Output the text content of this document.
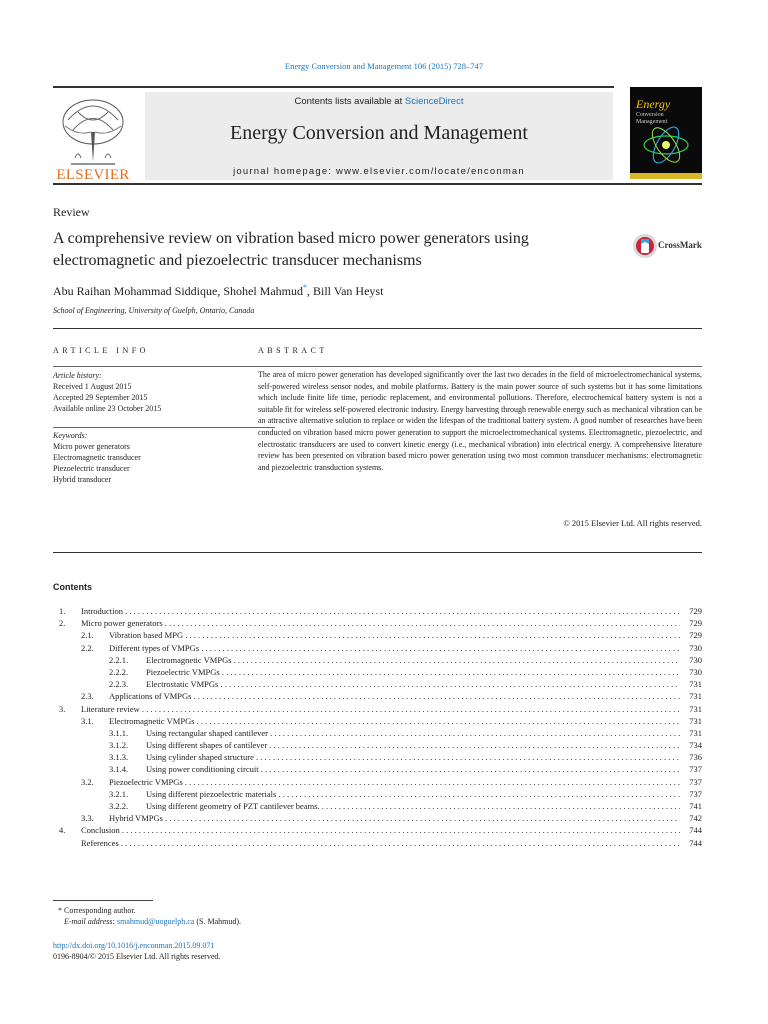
Energy Conversion and Management 106 (2015) 728–747
ELSEVIER
Contents lists available at ScienceDirect
Energy Conversion and Management
journal homepage: www.elsevier.com/locate/enconman
Energy
Conversion
Management
Review
A comprehensive review on vibration based micro power generators using electromagnetic and piezoelectric transducer mechanisms
CrossMark
Abu Raihan Mohammad Siddique, Shohel Mahmud*, Bill Van Heyst
School of Engineering, University of Guelph, Ontario, Canada
ARTICLE INFO
Article history:
Received 1 August 2015
Accepted 29 September 2015
Available online 23 October 2015
Keywords:
Micro power generators
Electromagnetic transducer
Piezoelectric transducer
Hybrid transducer
ABSTRACT
The area of micro power generation has developed significantly over the last two decades in the field of microelectromechanical systems, self-powered wireless sensor nodes, and mobile platforms. Battery is the main power source of such systems but it has some limitations which include finite life time, periodic replacement, and environmental pollutions. Therefore, electrochemical battery system is not a suitable fit for wireless self-powered electronic industry. Energy harvesting through renewable energy such as mechanical vibration can be an attractive alternative solution to replace or widen the lifespan of the traditional battery system. A good number of researches have been conducted on vibration based micro power generation to support the microelectromechanical systems. Electromagnetic, piezoelectric, and electrostatic transducers are used to convert kinetic energy (i.e., mechanical vibration) into electrical energy. A comprehensive literature review has been presented on vibration based micro power generation using two most common transducer mechanisms: electromagnetic and piezoelectric transduction systems.
© 2015 Elsevier Ltd. All rights reserved.
Contents
1. Introduction . . .	729
2. Micro power generators . . .	729
2.1. Vibration based MPG . . .	729
2.2. Different types of VMPGs . . .	730
2.2.1. Electromagnetic VMPGs . . .	730
2.2.2. Piezoelectric VMPGs . . .	730
2.2.3. Electrostatic VMPGs . . .	731
2.3. Applications of VMPGs . . .	731
3. Literature review . . .	731
3.1. Electromagnetic VMPGs . . .	731
3.1.1. Using rectangular shaped cantilever . . .	731
3.1.2. Using different shapes of cantilever . . .	734
3.1.3. Using cylinder shaped structure . . .	736
3.1.4. Using power conditioning circuit . . .	737
3.2. Piezoelectric VMPGs . . .	737
3.2.1. Using different piezoelectric materials . . .	737
3.2.2. Using different geometry of PZT cantilever beams. . . .	741
3.3. Hybrid VMPGs . . .	742
4. Conclusion . . .	744
References . . .	744
* Corresponding author.
E-mail address: smahmud@uoguelph.ca (S. Mahmud).
http://dx.doi.org/10.1016/j.enconman.2015.09.071
0196-8904/© 2015 Elsevier Ltd. All rights reserved.
